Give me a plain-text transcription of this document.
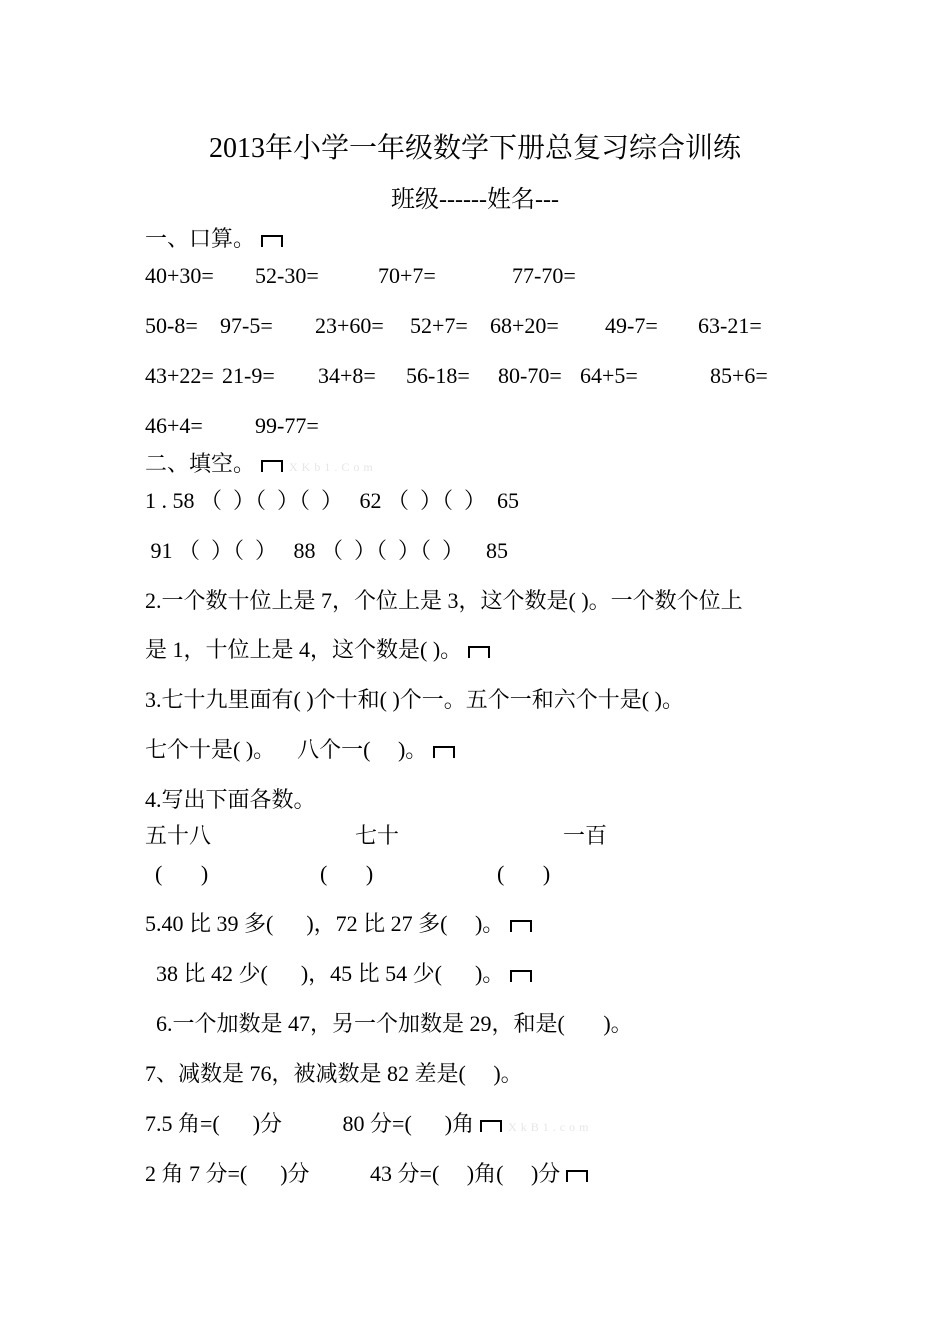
2013年小学一年级数学下册总复习综合训练
班级------姓名---
一、口算。
40+30= 52-30=	70+7=	77-70=
50-8= 97-5= 23+60= 52+7= 68+20= 49-7= 63-21=
43+22= 21-9= 34+8= 56-18= 80-70= 64+5=	85+6=
46+4= 99-77=
二、填空。	XKb1.Com
1 . 58 （  ）（  ）（  ）   62 （  ）（  ）  65
91 （  ）（  ）   88 （  ）（  ）（  ）    85
2.一个数十位上是 7，个位上是 3，这个数是( )。一个数个位上
是 1，十位上是 4，这个数是( )。
3.七十九里面有( )个十和( )个一。五个一和六个十是( )。
七个十是( )。    八个一(     )。
4.写出下面各数。
五十八	七十	一百
(       )	(       )	(       )
5.40 比 39 多(      )，72 比 27 多(     )。
38 比 42 少(      )，45 比 54 少(      )。
6.一个加数是 47，另一个加数是 29，和是(       )。
7、减数是 76，被减数是 82 差是(     )。
7.5 角=(      )分           80 分=(      )角	XkB1.com
2 角 7 分=(      )分           43 分=(     )角(     )分
